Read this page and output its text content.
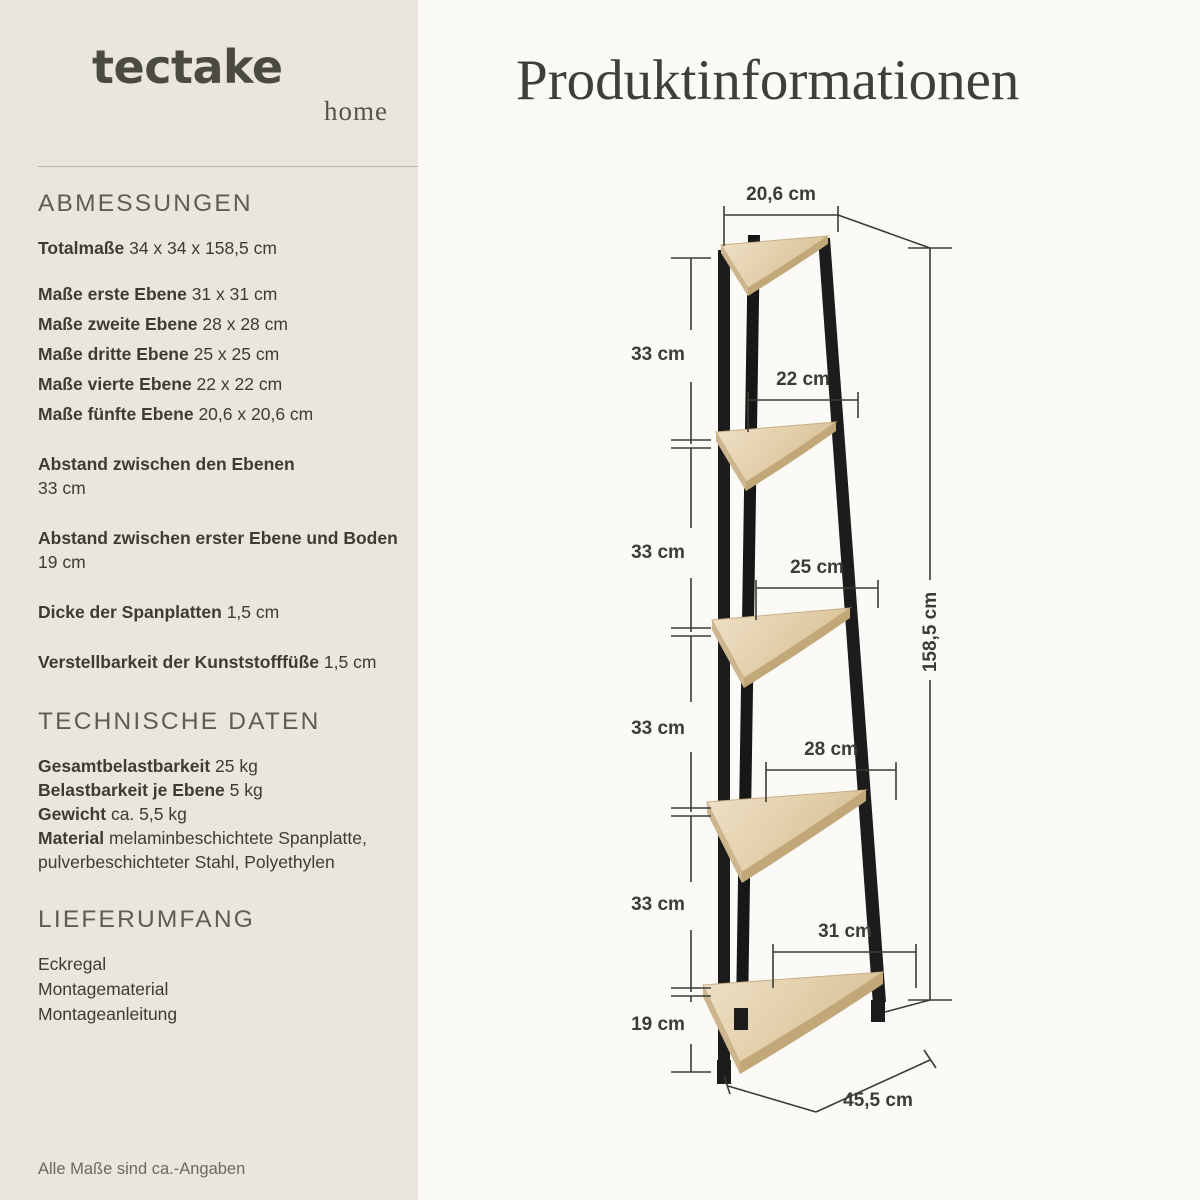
tectake
home Produktinformationen
ABMESSUNGEN
Totalmaße 34 x 34 x 158,5 cm
Maße erste Ebene 31 x 31 cm
Maße zweite Ebene 28 x 28 cm
Maße dritte Ebene 25 x 25 cm
Maße vierte Ebene 22 x 22 cm
Maße fünfte Ebene 20,6 x 20,6 cm
Abstand zwischen den Ebenen
33 cm
Abstand zwischen erster Ebene und Boden 19 cm
Dicke der Spanplatten 1,5 cm
Verstellbarkeit der Kunststofffüße 1,5 cm
TECHNISCHE DATEN
Gesamtbelastbarkeit 25 kg
Belastbarkeit je Ebene 5 kg
Gewicht ca. 5,5 kg
Material melaminbeschichtete Spanplatte, pulverbeschichteter Stahl, Polyethylen
LIEFERUMFANG
Eckregal
Montagematerial
Montageanleitung
Alle Maße sind ca.-Angaben
20,6 cm
22 cm
25 cm
28 cm
31 cm
33 cm
33 cm
33 cm
33 cm
19 cm
158,5 cm
45,5 cm
